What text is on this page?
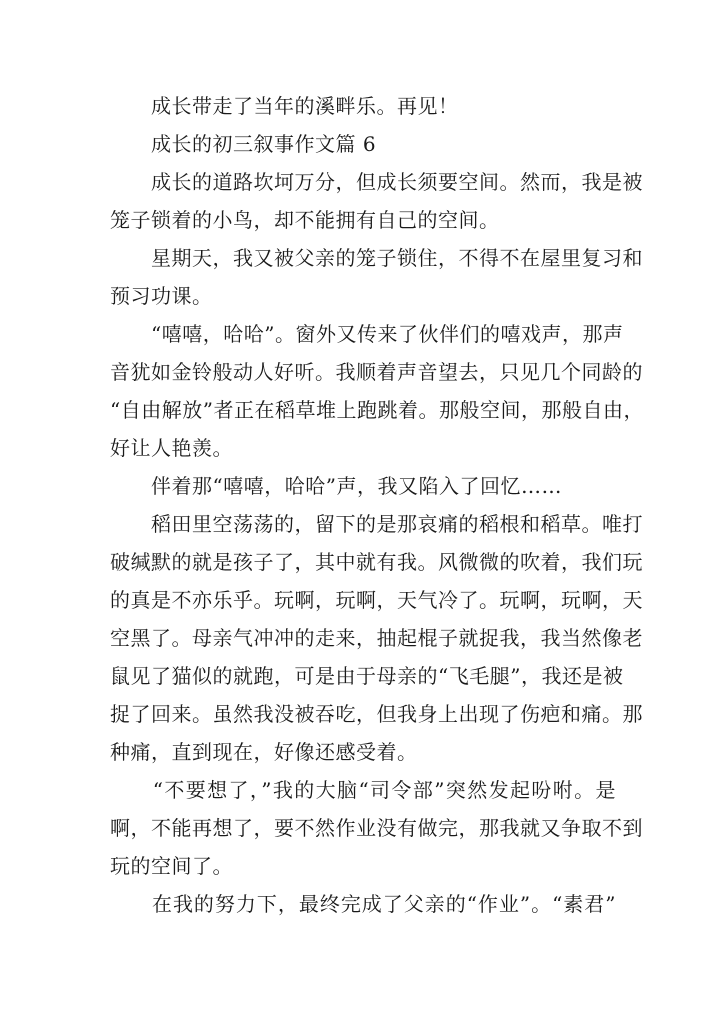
　　成长带走了当年的溪畔乐。再见！
　　成长的初三叙事作文篇 6
　　成长的道路坎坷万分，但成长须要空间。然而，我是被
笼子锁着的小鸟，却不能拥有自己的空间。
　　星期天，我又被父亲的笼子锁住，不得不在屋里复习和
预习功课。
　　“嘻嘻，哈哈”。窗外又传来了伙伴们的嘻戏声，那声
音犹如金铃般动人好听。我顺着声音望去，只见几个同龄的
“自由解放”者正在稻草堆上跑跳着。那般空间，那般自由，
好让人艳羡。
　　伴着那“嘻嘻，哈哈”声，我又陷入了回忆……
　　稻田里空荡荡的，留下的是那哀痛的稻根和稻草。唯打
破缄默的就是孩子了，其中就有我。风微微的吹着，我们玩
的真是不亦乐乎。玩啊，玩啊，天气冷了。玩啊，玩啊，天
空黑了。母亲气冲冲的走来，抽起棍子就捉我，我当然像老
鼠见了猫似的就跑，可是由于母亲的“飞毛腿”，我还是被
捉了回来。虽然我没被吞吃，但我身上出现了伤疤和痛。那
种痛，直到现在，好像还感受着。
　　“不要想了，”我的大脑“司令部”突然发起吩咐。是
啊，不能再想了，要不然作业没有做完，那我就又争取不到
玩的空间了。
　　在我的努力下，最终完成了父亲的“作业”。“素君”
